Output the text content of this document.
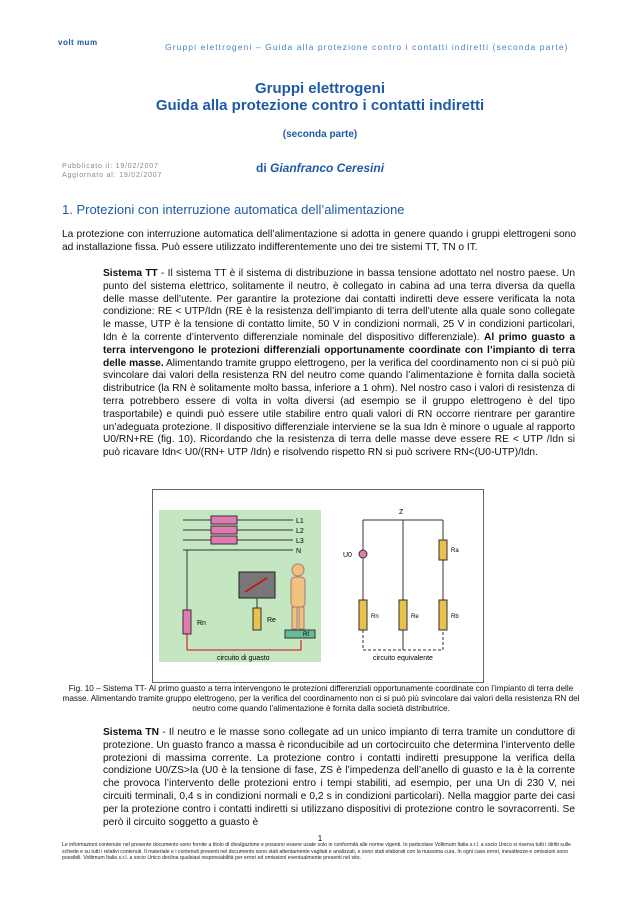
volt mum	Gruppi elettrogeni – Guida alla protezione contro i contatti indiretti (seconda parte)
Gruppi elettrogeni
Guida alla protezione contro i contatti indiretti
(seconda parte)
Pubblicato il: 19/02/2007
Aggiornato al: 19/02/2007
di Gianfranco Ceresini
1. Protezioni con interruzione automatica dell’alimentazione
La protezione con interruzione automatica dell’alimentazione si adotta in genere quando i gruppi elettrogeni sono ad installazione fissa. Può essere utilizzato indifferentemente uno dei tre sistemi TT, TN o IT.
Sistema TT - Il sistema TT è il sistema di distribuzione in bassa tensione adottato nel nostro paese. Un punto del sistema elettrico, solitamente il neutro, è collegato in cabina ad una terra diversa da quella delle masse dell’utente. Per garantire la protezione dai contatti indiretti deve essere verificata la nota condizione: RE < UTP/Idn (RE è la resistenza dell’impianto di terra dell’utente alla quale sono collegate le masse, UTP è la tensione di contatto limite, 50 V in condizioni normali, 25 V in condizioni particolari, Idn è la corrente d’intervento differenziale nominale del dispositivo differenziale). Al primo guasto a terra intervengono le protezioni differenziali opportunamente coordinate con l’impianto di terra delle masse. Alimentando tramite gruppo elettrogeno, per la verifica del coordinamento non ci si può più svincolare dai valori della resistenza RN del neutro come quando l’alimentazione è fornita dalla società distributrice (la RN è solitamente molto bassa, inferiore a 1 ohm). Nel nostro caso i valori di resistenza di terra potrebbero essere di volta in volta diversi (ad esempio se il gruppo elettrogeno è del tipo trasportabile) e quindi può essere utile stabilire entro quali valori di RN occorre rientrare per garantire un’adeguata protezione. Il dispositivo differenziale interviene se la sua Idn è minore o uguale al rapporto U0/RN+RE (fig. 10). Ricordando che la resistenza di terra delle masse deve essere RE < UTP /Idn si può ricavare Idn< U0/(RN+ UTP /Idn) e risolvendo rispetto RN si può scrivere RN<(U0-UTP)/Idn.
L1
L2
L3
N
Rn	Re
Rf
circuito di guasto
U0
Z
Ra
Rn	Re	Rb
circuito equivalente
Fig. 10 – Sistema TT- Al primo guasto a terra intervengono le protezioni differenziali opportunamente coordinate con l’impianto di terra delle masse. Alimentando tramite gruppo elettrogeno, per la verifica del coordinamento non ci si può più svincolare dai valori della resistenza RN del neutro come quando l’alimentazione è fornita dalla società distributrice.
Sistema TN - Il neutro e le masse sono collegate ad un unico impianto di terra tramite un conduttore di protezione. Un guasto franco a massa è riconducibile ad un cortocircuito che determina l’intervento delle protezioni di massima corrente. La protezione contro i contatti indiretti presuppone la verifica della condizione U0/ZS>Ia (U0 è la tensione di fase, ZS è l’impedenza dell’anello di guasto e Ia è la corrente che provoca l’intervento delle protezioni entro i tempi stabiliti, ad esempio, per una Un di 230 V, nei circuiti terminali, 0,4 s in condizioni normali e 0,2 s in condizioni particolari). Nella maggior parte dei casi per la protezione contro i contatti indiretti si utilizzano dispositivi di protezione contro le sovracorrenti. Se però il circuito soggetto a guasto è
1
Le informazioni contenute nel presente documento sono fornite a titolo di divulgazione e possono essere usate solo in conformità alle norme vigenti. In particolare Voltimum Italia s.r.l. a socio Unico si riserva tutti i diritti sulle schede e su tutti i relativi contenuti. Il materiale e i contenuti presenti nel documento sono stati attentamente vagliati e analizzati, e sono stati elaborati con la massima cura. In ogni caso errori, inesattezze e omissioni sono possibili. Voltimum Italia s.r.l. a socio Unico declina qualsiasi responsabilità per errori ed omissioni eventualmente presenti nel sito.
